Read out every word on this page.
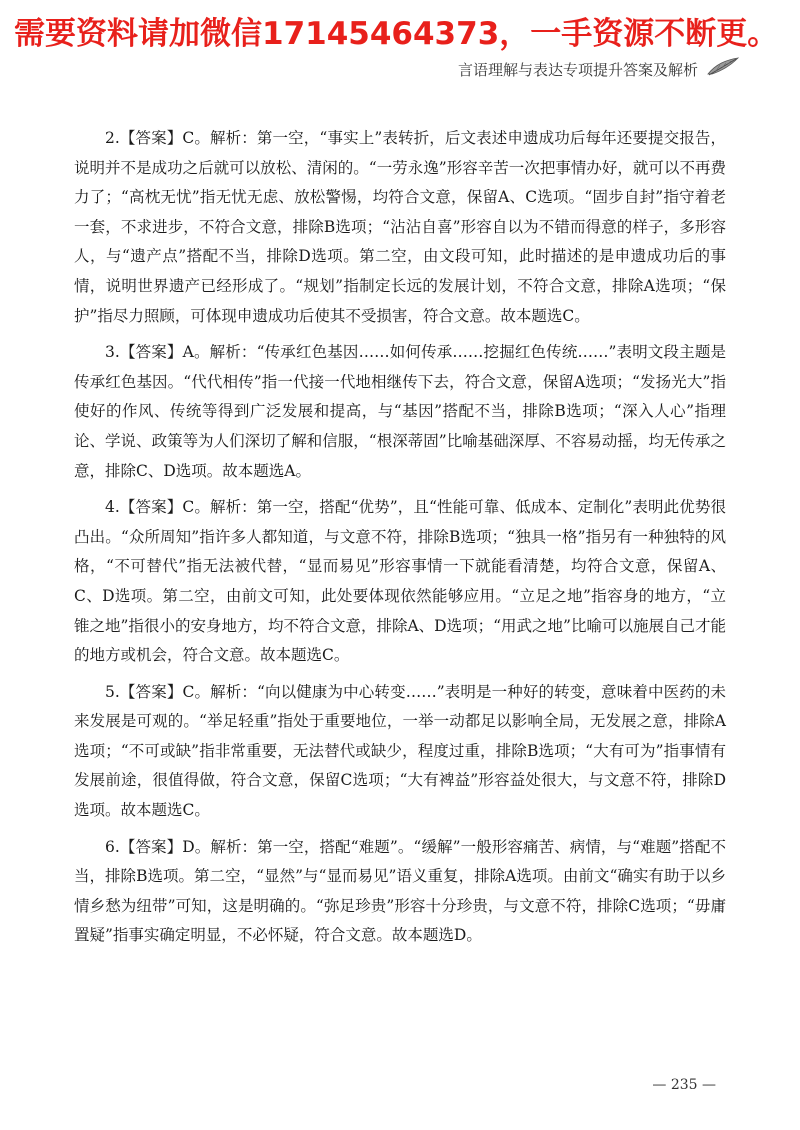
需要资料请加微信17145464373，一手资源不断更。
言语理解与表达专项提升答案及解析

2.【答案】C。解析：第一空，“事实上”表转折，后文表述申遗成功后每年还要提交报告，说明并不是成功之后就可以放松、清闲的。“一劳永逸”形容辛苦一次把事情办好，就可以不再费力了；“高枕无忧”指无忧无虑、放松警惕，均符合文意，保留A、C选项。“固步自封”指守着老一套，不求进步，不符合文意，排除B选项；“沾沾自喜”形容自以为不错而得意的样子，多形容人，与“遗产点”搭配不当，排除D选项。第二空，由文段可知，此时描述的是申遗成功后的事情，说明世界遗产已经形成了。“规划”指制定长远的发展计划，不符合文意，排除A选项；“保护”指尽力照顾，可体现申遗成功后使其不受损害，符合文意。故本题选C。

3.【答案】A。解析：“传承红色基因……如何传承……挖掘红色传统……”表明文段主题是传承红色基因。“代代相传”指一代接一代地相继传下去，符合文意，保留A选项；“发扬光大”指使好的作风、传统等得到广泛发展和提高，与“基因”搭配不当，排除B选项；“深入人心”指理论、学说、政策等为人们深切了解和信服，“根深蒂固”比喻基础深厚、不容易动摇，均无传承之意，排除C、D选项。故本题选A。

4.【答案】C。解析：第一空，搭配“优势”，且“性能可靠、低成本、定制化”表明此优势很凸出。“众所周知”指许多人都知道，与文意不符，排除B选项；“独具一格”指另有一种独特的风格，“不可替代”指无法被代替，“显而易见”形容事情一下就能看清楚，均符合文意，保留A、C、D选项。第二空，由前文可知，此处要体现依然能够应用。“立足之地”指容身的地方，“立锥之地”指很小的安身地方，均不符合文意，排除A、D选项；“用武之地”比喻可以施展自己才能的地方或机会，符合文意。故本题选C。

5.【答案】C。解析：“向以健康为中心转变……”表明是一种好的转变，意味着中医药的未来发展是可观的。“举足轻重”指处于重要地位，一举一动都足以影响全局，无发展之意，排除A选项；“不可或缺”指非常重要，无法替代或缺少，程度过重，排除B选项；“大有可为”指事情有发展前途，很值得做，符合文意，保留C选项；“大有裨益”形容益处很大，与文意不符，排除D选项。故本题选C。

6.【答案】D。解析：第一空，搭配“难题”。“缓解”一般形容痛苦、病情，与“难题”搭配不当，排除B选项。第二空，“显然”与“显而易见”语义重复，排除A选项。由前文“确实有助于以乡情乡愁为纽带”可知，这是明确的。“弥足珍贵”形容十分珍贵，与文意不符，排除C选项；“毋庸置疑”指事实确定明显，不必怀疑，符合文意。故本题选D。

— 235 —
